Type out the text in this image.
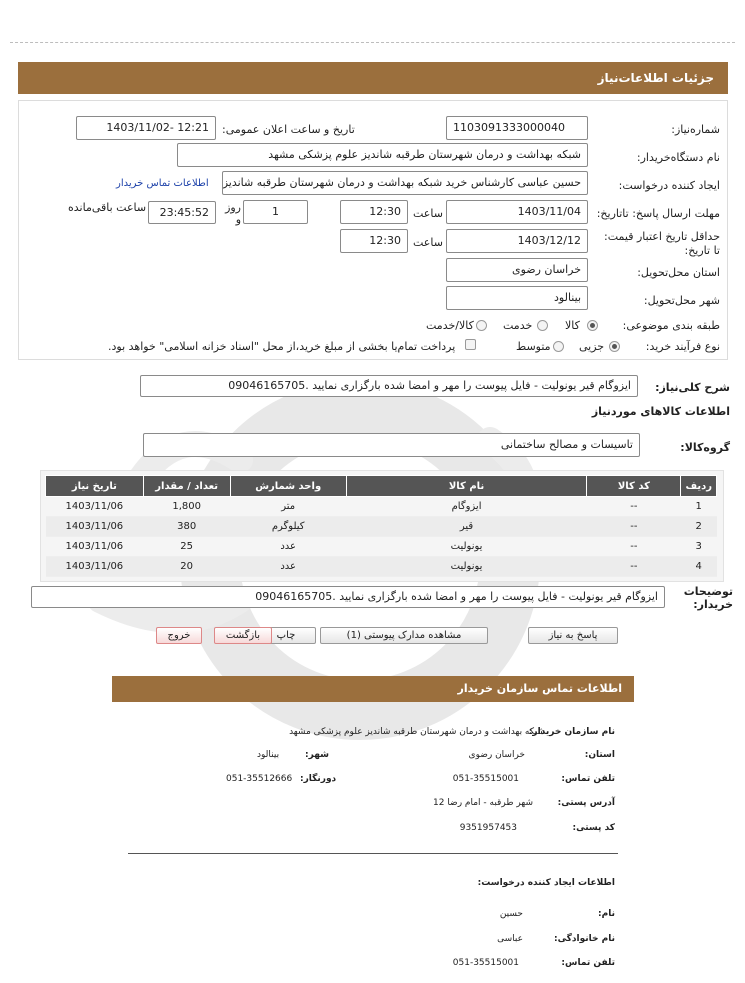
جزئیات اطلاعات‌نیاز
شماره‌نیاز:
1103091333000040
تاریخ و ساعت اعلان عمومی:
1403/11/02- 12:21
نام دستگاه‌خریدار:
شبکه بهداشت و درمان شهرستان طرقبه شاندیز علوم پزشکی مشهد
ایجاد کننده درخواست:
حسین عباسی کارشناس خرید شبکه بهداشت و درمان شهرستان طرقبه شاندیز
اطلاعات تماس خریدار
مهلت ارسال پاسخ: تاتاریخ:
1403/11/04
ساعت
12:30
1
روز و
23:45:52
ساعت باقی‌مانده
حداقل تاریخ اعتبار قیمت: تا تاریخ:
1403/12/12
ساعت
12:30
استان محل‌تحویل:
خراسان رضوی
شهر محل‌تحویل:
بینالود
طبقه بندی موضوعی:
کالا
خدمت
کالا/خدمت
نوع فرآیند خرید:
جزیی
متوسط
پرداخت تمام‌یا بخشی از مبلغ خرید،از محل "اسناد خزانه اسلامی" خواهد بود.
شرح کلی‌نیاز:
ایزوگام قیر یونولیت - فایل پیوست را مهر و امضا شده بارگزاری نمایید .09046165705
اطلاعات کالاهای موردنیاز
گروه‌کالا:
تاسیسات و مصالح ساختمانی
ردیف	کد کالا	نام کالا	واحد شمارش	تعداد / مقدار	تاریخ نیاز
1	--	ایزوگام	متر	1,800	1403/11/06
2	--	قیر	کیلوگرم	380	1403/11/06
3	--	یونولیت	عدد	25	1403/11/06
4	--	یونولیت	عدد	20	1403/11/06
توضیحات خریدار:
ایزوگام قیر یونولیت - فایل پیوست را مهر و امضا شده بارگزاری نمایید .09046165705
پاسخ به نیاز
مشاهده مدارک پیوستی (1)
چاپ
بازگشت
خروج
اطلاعات تماس سازمان خریدار
نام سازمان خریدار:
شبکه بهداشت و درمان شهرستان طرقبه شاندیز علوم پزشکی مشهد
استان:
خراسان رضوی
شهر:
بینالود
تلفن تماس:
051-35515001
دورنگار:
051-35512666
آدرس پستی:
شهر طرقبه - امام رضا 12
کد پستی:
9351957453
اطلاعات ایجاد کننده درخواست:
نام:
حسین
نام خانوادگی:
عباسی
تلفن تماس:
051-35515001
